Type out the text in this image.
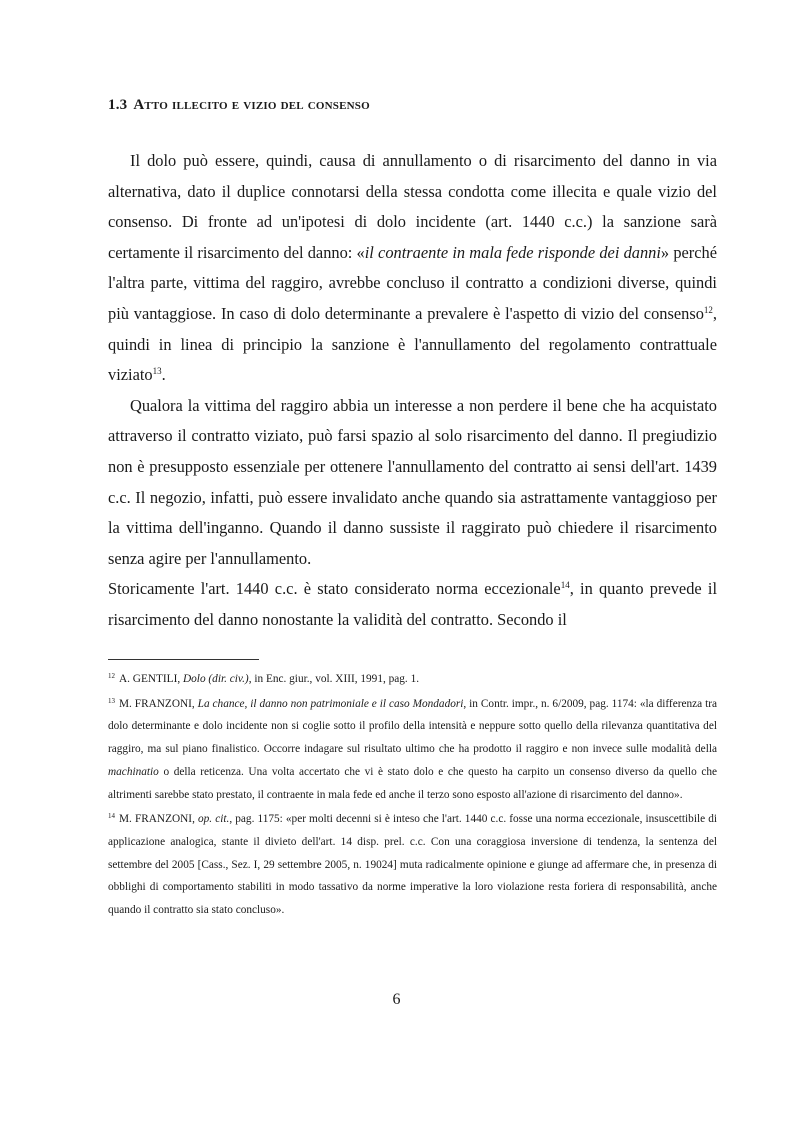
1.3 Atto illecito e vizio del consenso

Il dolo può essere, quindi, causa di annullamento o di risarcimento del danno in via alternativa, dato il duplice connotarsi della stessa condotta come illecita e quale vizio del consenso. Di fronte ad un'ipotesi di dolo incidente (art. 1440 c.c.) la sanzione sarà certamente il risarcimento del danno: «il contraente in mala fede risponde dei danni» perché l'altra parte, vittima del raggiro, avrebbe concluso il contratto a condizioni diverse, quindi più vantaggiose. In caso di dolo determinante a prevalere è l'aspetto di vizio del consenso$^{12}$, quindi in linea di principio la sanzione è l'annullamento del regolamento contrattuale viziato$^{13}$.

Qualora la vittima del raggiro abbia un interesse a non perdere il bene che ha acquistato attraverso il contratto viziato, può farsi spazio al solo risarcimento del danno. Il pregiudizio non è presupposto essenziale per ottenere l'annullamento del contratto ai sensi dell'art. 1439 c.c. Il negozio, infatti, può essere invalidato anche quando sia astrattamente vantaggioso per la vittima dell'inganno. Quando il danno sussiste il raggirato può chiedere il risarcimento senza agire per l'annullamento.

Storicamente l'art. 1440 c.c. è stato considerato norma eccezionale$^{14}$, in quanto prevede il risarcimento del danno nonostante la validità del contratto. Secondo il

$^{12}$ A. GENTILI, Dolo (dir. civ.), in Enc. giur., vol. XIII, 1991, pag. 1.

$^{13}$ M. FRANZONI, La chance, il danno non patrimoniale e il caso Mondadori, in Contr. impr., n. 6/2009, pag. 1174: «la differenza tra dolo determinante e dolo incidente non si coglie sotto il profilo della intensità e neppure sotto quello della rilevanza quantitativa del raggiro, ma sul piano finalistico. Occorre indagare sul risultato ultimo che ha prodotto il raggiro e non invece sulle modalità della machinatio o della reticenza. Una volta accertato che vi è stato dolo e che questo ha carpito un consenso diverso da quello che altrimenti sarebbe stato prestato, il contraente in mala fede ed anche il terzo sono esposto all'azione di risarcimento del danno».

$^{14}$ M. FRANZONI, op. cit., pag. 1175: «per molti decenni si è inteso che l'art. 1440 c.c. fosse una norma eccezionale, insuscettibile di applicazione analogica, stante il divieto dell'art. 14 disp. prel. c.c. Con una coraggiosa inversione di tendenza, la sentenza del settembre del 2005 [Cass., Sez. I, 29 settembre 2005, n. 19024] muta radicalmente opinione e giunge ad affermare che, in presenza di obblighi di comportamento stabiliti in modo tassativo da norme imperative la loro violazione resta foriera di responsabilità, anche quando il contratto sia stato concluso».

6
